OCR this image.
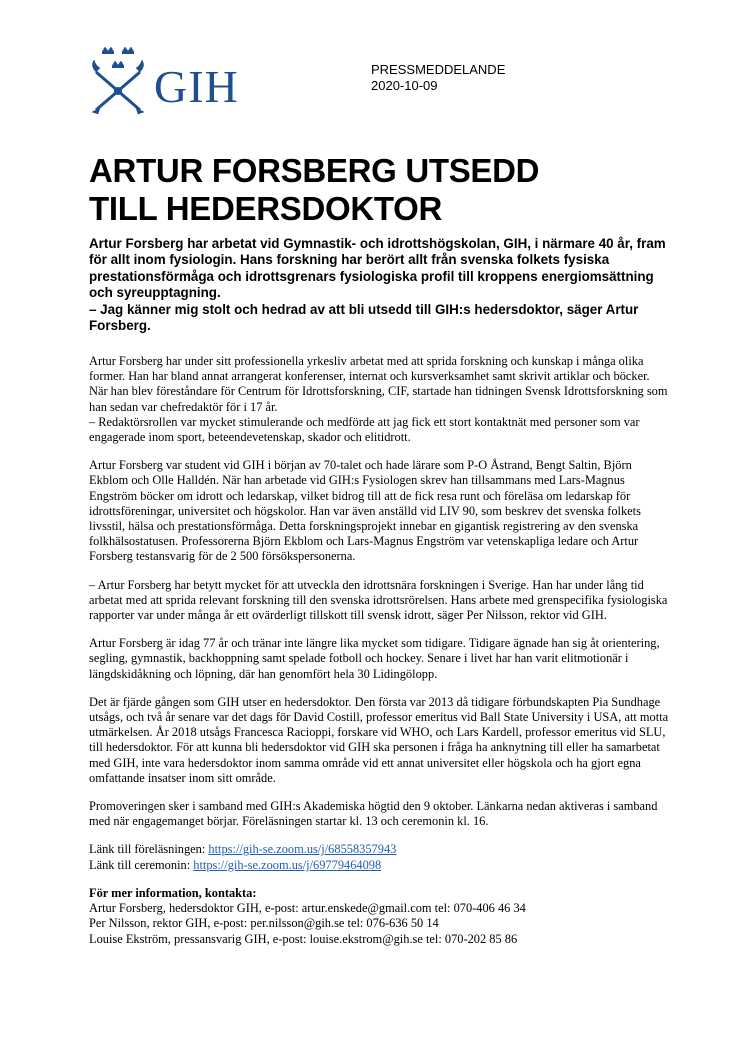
GIH	PRESSMEDDELANDE
2020-10-09
ARTUR FORSBERG UTSEDD
TILL HEDERSDOKTOR
Artur Forsberg har arbetat vid Gymnastik- och idrottshögskolan, GIH, i närmare 40 år, fram för allt inom fysiologin. Hans forskning har berört allt från svenska folkets fysiska prestationsförmåga och idrottsgrenars fysiologiska profil till kroppens energiomsättning och syreupptagning.
– Jag känner mig stolt och hedrad av att bli utsedd till GIH:s hedersdoktor, säger Artur Forsberg.

Artur Forsberg har under sitt professionella yrkesliv arbetat med att sprida forskning och kunskap i många olika former. Han har bland annat arrangerat konferenser, internat och kursverksamhet samt skrivit artiklar och böcker. När han blev föreståndare för Centrum för Idrottsforskning, CIF, startade han tidningen Svensk Idrottsforskning som han sedan var chefredaktör för i 17 år.
– Redaktörsrollen var mycket stimulerande och medförde att jag fick ett stort kontaktnät med personer som var engagerade inom sport, beteendevetenskap, skador och elitidrott.

Artur Forsberg var student vid GIH i början av 70-talet och hade lärare som P-O Åstrand, Bengt Saltin, Björn Ekblom och Olle Halldén. När han arbetade vid GIH:s Fysiologen skrev han tillsammans med Lars-Magnus Engström böcker om idrott och ledarskap, vilket bidrog till att de fick resa runt och föreläsa om ledarskap för idrottsföreningar, universitet och högskolor. Han var även anställd vid LIV 90, som beskrev det svenska folkets livsstil, hälsa och prestationsförmåga. Detta forskningsprojekt innebar en gigantisk registrering av den svenska folkhälsostatusen. Professorerna Björn Ekblom och Lars-Magnus Engström var vetenskapliga ledare och Artur Forsberg testansvarig för de 2 500 försökspersonerna.

– Artur Forsberg har betytt mycket för att utveckla den idrottsnära forskningen i Sverige. Han har under lång tid arbetat med att sprida relevant forskning till den svenska idrottsrörelsen. Hans arbete med grenspecifika fysiologiska rapporter var under många år ett ovärderligt tillskott till svensk idrott, säger Per Nilsson, rektor vid GIH.

Artur Forsberg är idag 77 år och tränar inte längre lika mycket som tidigare. Tidigare ägnade han sig åt orientering, segling, gymnastik, backhoppning samt spelade fotboll och hockey. Senare i livet har han varit elitmotionär i längdskidåkning och löpning, där han genomfört hela 30 Lidingölopp.

Det är fjärde gången som GIH utser en hedersdoktor. Den första var 2013 då tidigare förbundskapten Pia Sundhage utsågs, och två år senare var det dags för David Costill, professor emeritus vid Ball State University i USA, att motta utmärkelsen. År 2018 utsågs Francesca Racioppi, forskare vid WHO, och Lars Kardell, professor emeritus vid SLU, till hedersdoktor. För att kunna bli hedersdoktor vid GIH ska personen i fråga ha anknytning till eller ha samarbetat med GIH, inte vara hedersdoktor inom samma område vid ett annat universitet eller högskola och ha gjort egna omfattande insatser inom sitt område.

Promoveringen sker i samband med GIH:s Akademiska högtid den 9 oktober. Länkarna nedan aktiveras i samband med när engagemanget börjar. Föreläsningen startar kl. 13 och ceremonin kl. 16.

Länk till föreläsningen: https://gih-se.zoom.us/j/68558357943
Länk till ceremonin: https://gih-se.zoom.us/j/69779464098

För mer information, kontakta:
Artur Forsberg, hedersdoktor GIH, e-post: artur.enskede@gmail.com tel: 070-406 46 34
Per Nilsson, rektor GIH, e-post: per.nilsson@gih.se tel: 076-636 50 14
Louise Ekström, pressansvarig GIH, e-post: louise.ekstrom@gih.se tel: 070-202 85 86
